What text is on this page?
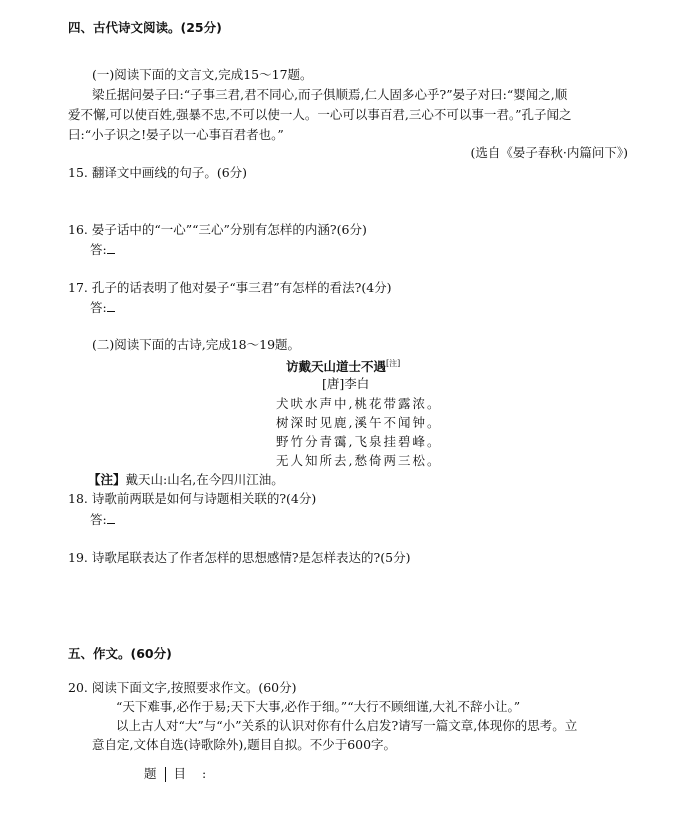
四、古代诗文阅读。(25分)
(一)阅读下面的文言文,完成15～17题。
梁丘据问晏子曰:“子事三君,君不同心,而子俱顺焉,仁人固多心乎?”晏子对曰:“婴闻之,顺
爱不懈,可以使百姓,强暴不忠,不可以使一人。一心可以事百君,三心不可以事一君。”孔子闻之
曰:“小子识之!晏子以一心事百君者也。”
(选自《晏子春秋·内篇问下》)
15. 翻译文中画线的句子。(6分)
16. 晏子话中的“一心”“三心”分别有怎样的内涵?(6分)
答:
17. 孔子的话表明了他对晏子“事三君”有怎样的看法?(4分)
答:
(二)阅读下面的古诗,完成18～19题。
访戴天山道士不遇[注]
[唐]李白
犬吠水声中,桃花带露浓。
树深时见鹿,溪午不闻钟。
野竹分青霭,飞泉挂碧峰。
无人知所去,愁倚两三松。
【注】戴天山:山名,在今四川江油。
18. 诗歌前两联是如何与诗题相关联的?(4分)
答:
19. 诗歌尾联表达了作者怎样的思想感情?是怎样表达的?(5分)
五、作文。(60分)
20. 阅读下面文字,按照要求作文。(60分)
“天下难事,必作于易;天下大事,必作于细。”“大行不顾细谨,大礼不辞小让。”
以上古人对“大”与“小”关系的认识对你有什么启发?请写一篇文章,体现你的思考。立
意自定,文体自选(诗歌除外),题目自拟。不少于600字。
题 目 :
